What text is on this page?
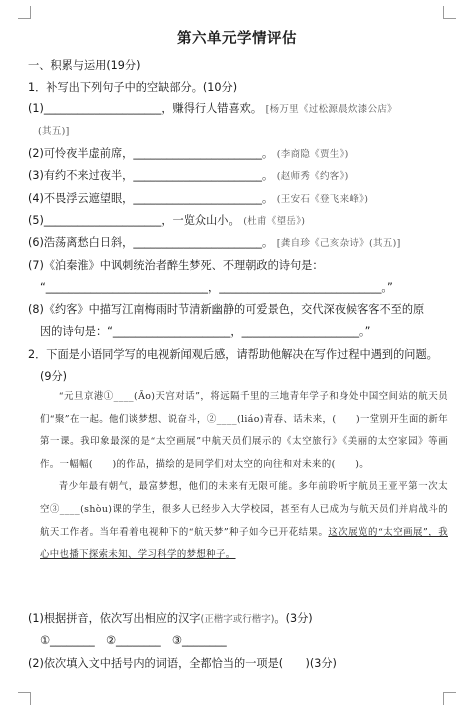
第六单元学情评估
一、积累与运用(19分)
1．补写出下列句子中的空缺部分。(10分)
(1)_____________________，赚得行人错喜欢。 [杨万里《过松源晨炊漆公店》
(其五)]
(2)可怜夜半虚前席，_______________________。 (李商隐《贾生》)
(3)有约不来过夜半，_______________________。 (赵师秀《约客》)
(4)不畏浮云遮望眼，_______________________。 (王安石《登飞来峰》)
(5)_____________________，一览众山小。 (杜甫《望岳》)
(6)浩荡离愁白日斜，_______________________。 [龚自珍《己亥杂诗》(其五)]
(7)《泊秦淮》中讽刺统治者醉生梦死、不理朝政的诗句是：
“_____________________________，_____________________________。”
(8)《约客》中描写江南梅雨时节清新幽静的可爱景色，交代深夜候客客不至的原
因的诗句是：“_____________________，_____________________。”
2．下面是小语同学写的电视新闻观后感，请帮助他解决在写作过程中遇到的问题。
(9分)

“元旦京港①____(Āo)天宫对话”，将远隔千里的三地青年学子和身处中国空间站的航天员们“聚”在一起。他们谈梦想、说奋斗，②____(liáo)青春、话未来，(　　)一堂别开生面的新年第一课。我印象最深的是“太空画展”中航天员们展示的《太空旅行》《美丽的太空家园》等画作。一幅幅(　　)的作品，描绘的是同学们对太空的向往和对未来的(　　)。

青少年最有朝气，最富梦想，他们的未来有无限可能。多年前聆听宇航员王亚平第一次太空③____(shòu)课的学生，很多人已经步入大学校园，甚至有人已成为与航天员们并肩战斗的航天工作者。当年看着电视种下的“航天梦”种子如今已开花结果。这次展览的“太空画展”，我心中也播下探索未知、学习科学的梦想种子。

(1)根据拼音，依次写出相应的汉字(正楷字或行楷字)。(3分)
①________　②________　③________
(2)依次填入文中括号内的词语，全都恰当的一项是(　　)(3分)
